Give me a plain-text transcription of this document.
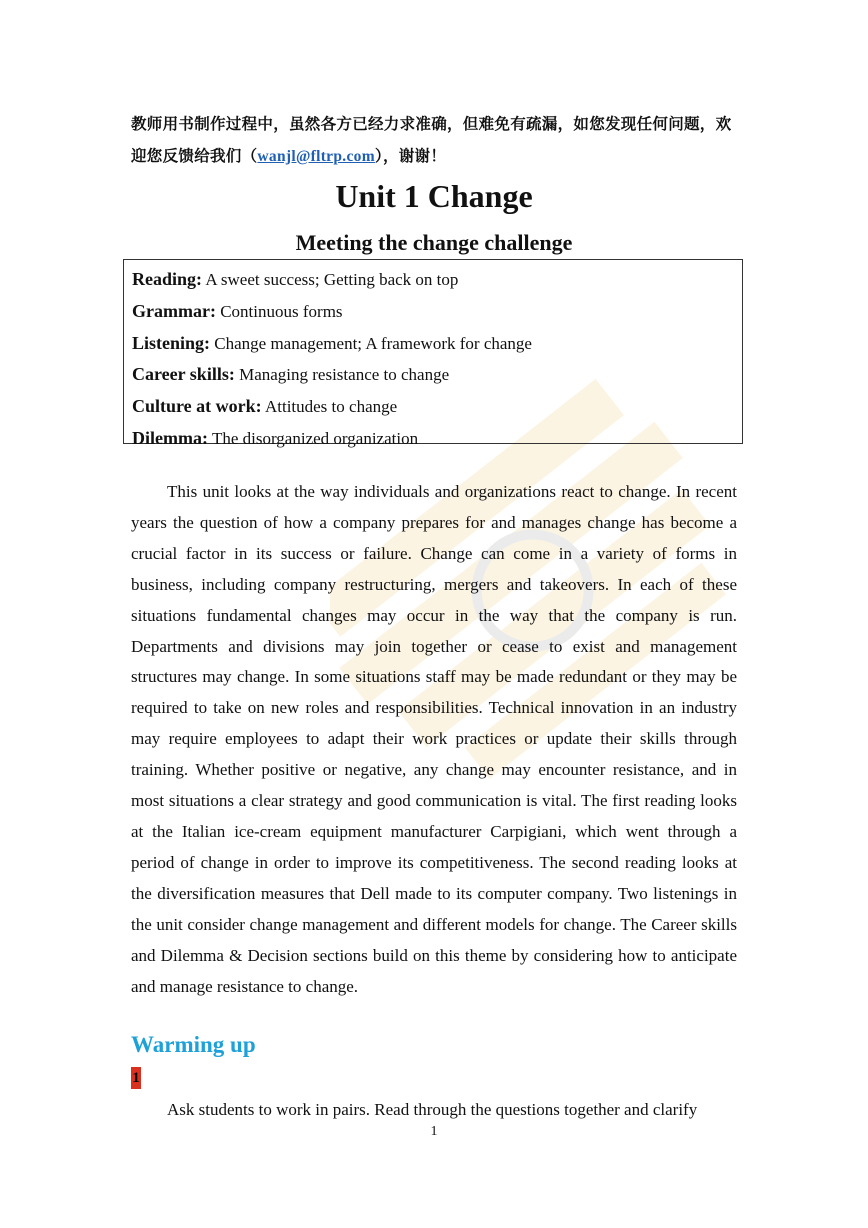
教师用书制作过程中，虽然各方已经力求准确，但难免有疏漏，如您发现任何问题，欢迎您反馈给我们（wanjl@fltrp.com），谢谢！
Unit 1 Change
Meeting the change challenge
Reading: A sweet success; Getting back on top
Grammar: Continuous forms
Listening: Change management; A framework for change
Career skills: Managing resistance to change
Culture at work: Attitudes to change
Dilemma: The disorganized organization

This unit looks at the way individuals and organizations react to change. In recent years the question of how a company prepares for and manages change has become a crucial factor in its success or failure. Change can come in a variety of forms in business, including company restructuring, mergers and takeovers. In each of these situations fundamental changes may occur in the way that the company is run. Departments and divisions may join together or cease to exist and management structures may change. In some situations staff may be made redundant or they may be required to take on new roles and responsibilities. Technical innovation in an industry may require employees to adapt their work practices or update their skills through training. Whether positive or negative, any change may encounter resistance, and in most situations a clear strategy and good communication is vital. The first reading looks at the Italian ice-cream equipment manufacturer Carpigiani, which went through a period of change in order to improve its competitiveness. The second reading looks at the diversification measures that Dell made to its computer company. Two listenings in the unit consider change management and different models for change. The Career skills and Dilemma & Decision sections build on this theme by considering how to anticipate and manage resistance to change.

Warming up
1
Ask students to work in pairs. Read through the questions together and clarify
1
